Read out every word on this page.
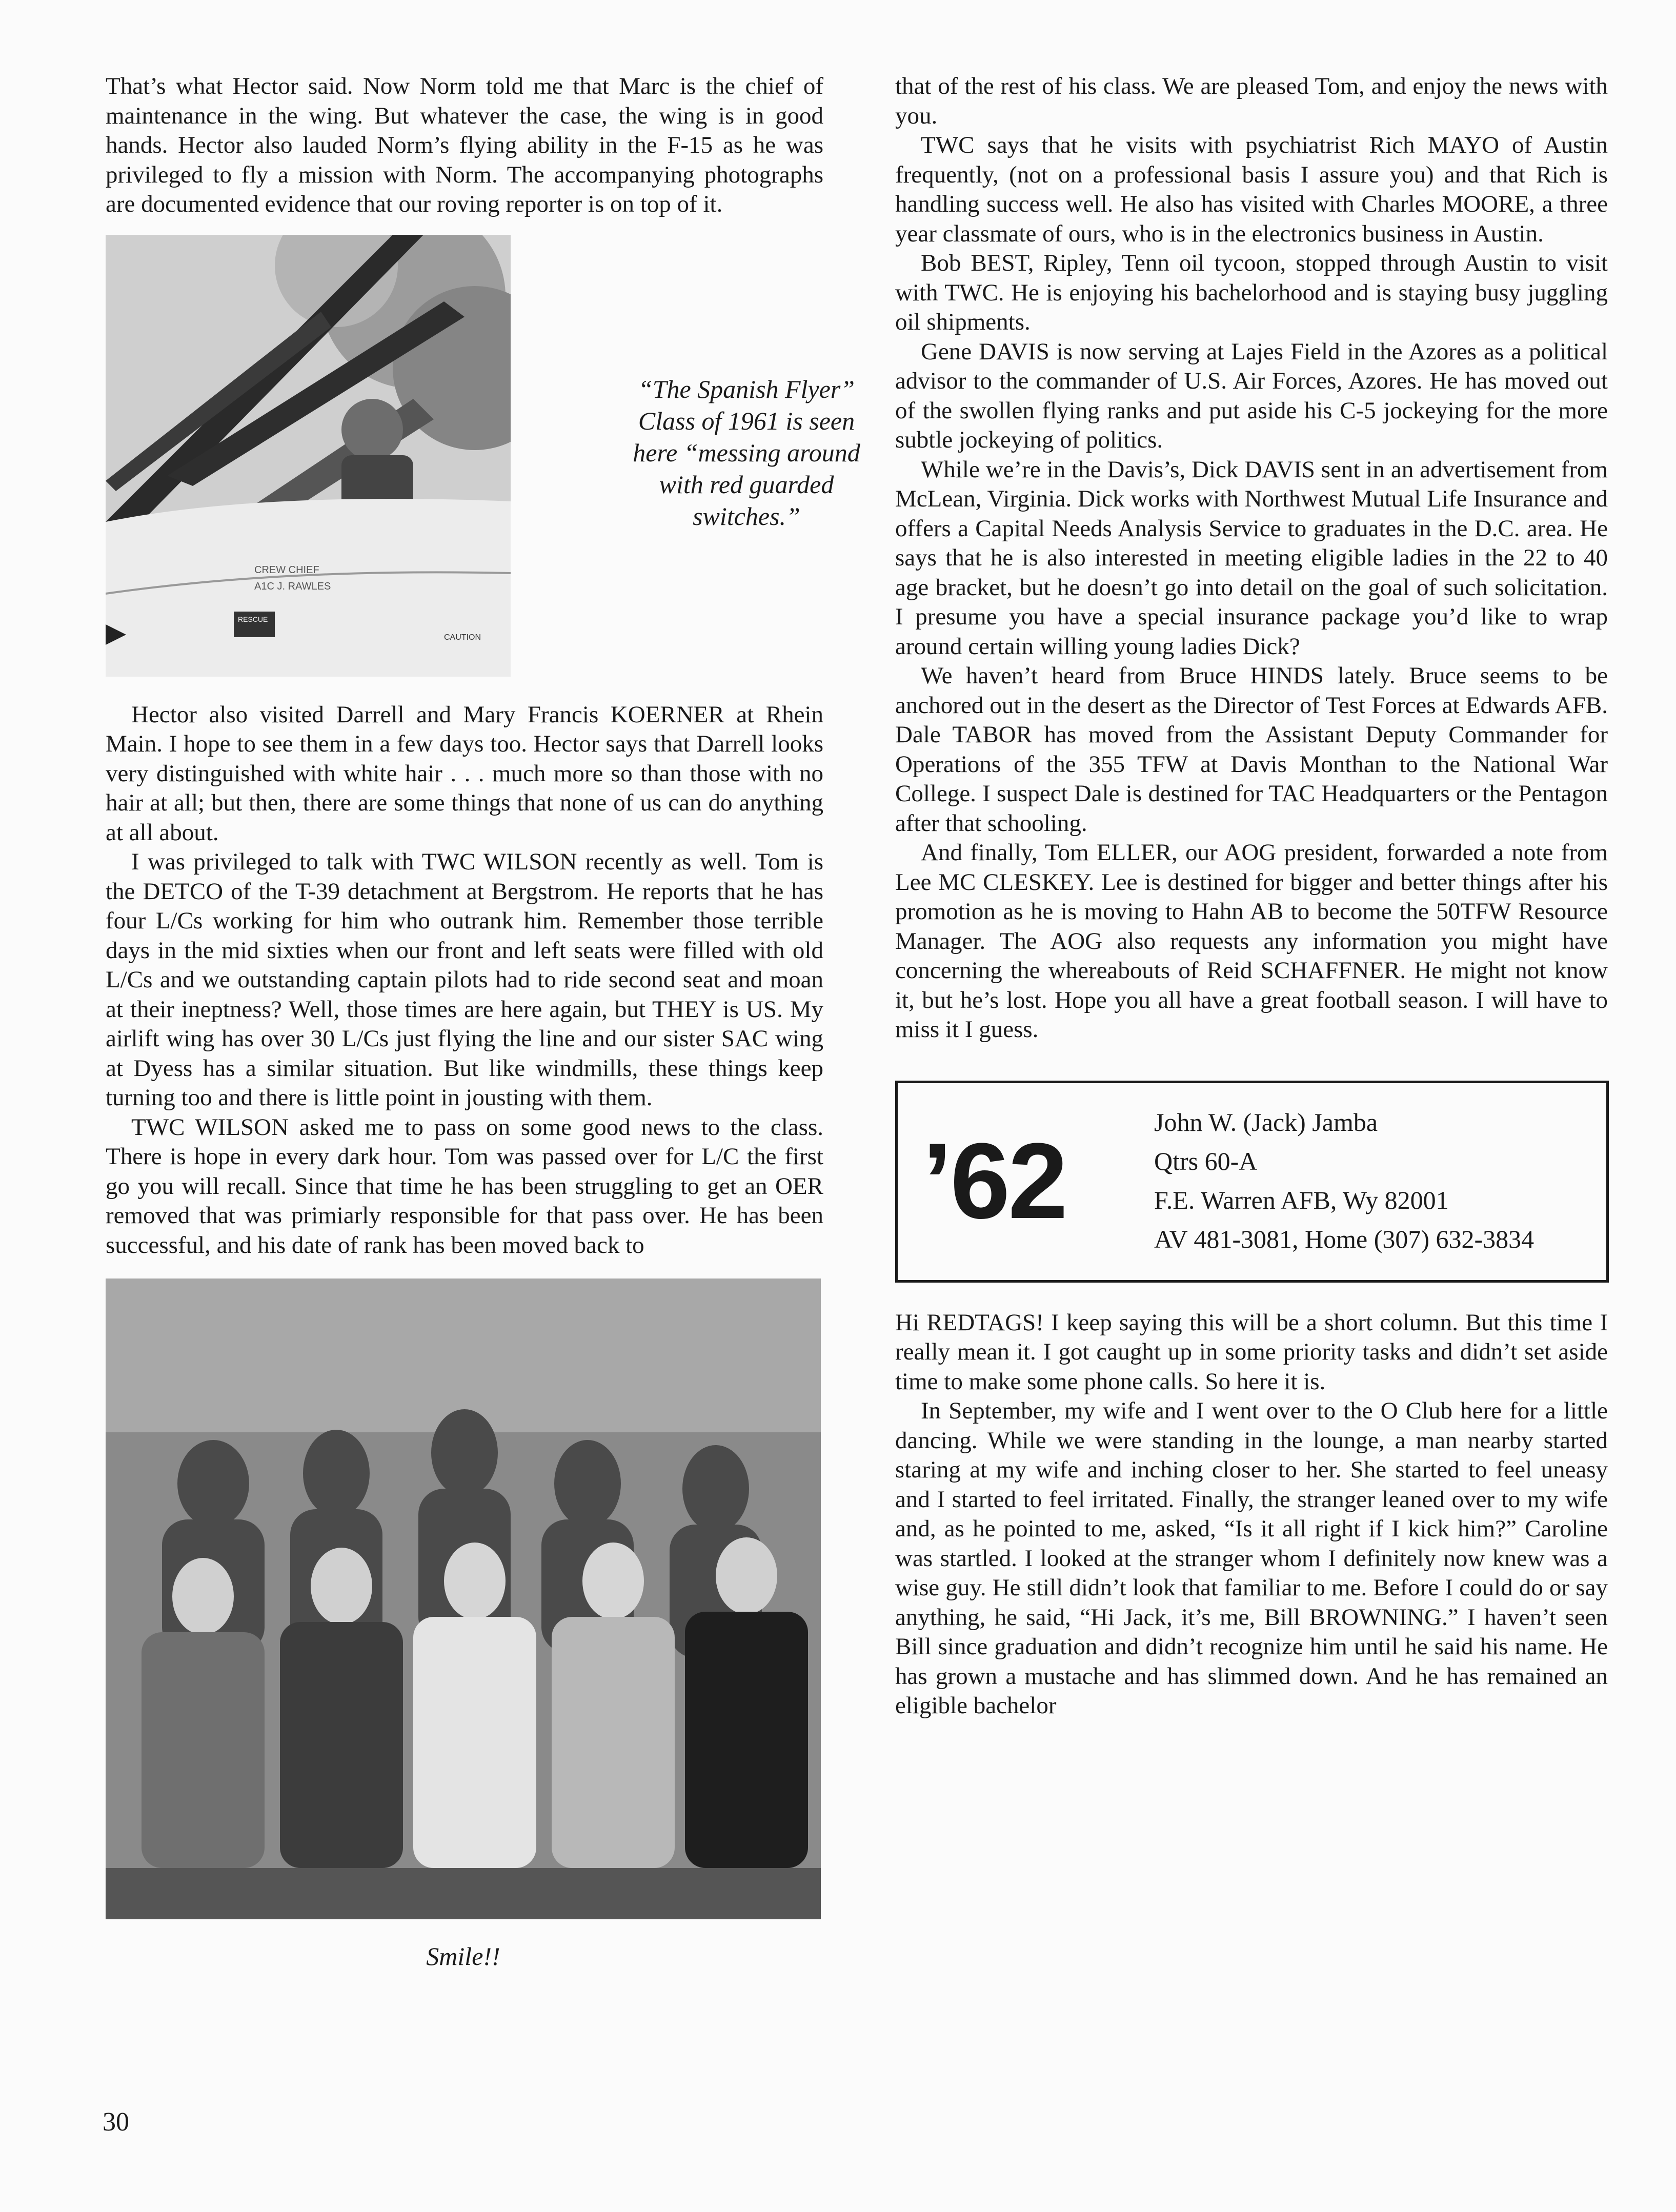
That’s what Hector said. Now Norm told me that Marc is the chief of maintenance in the wing. But whatever the case, the wing is in good hands. Hector also lauded Norm’s flying ability in the F-15 as he was privileged to fly a mission with Norm. The accompanying photographs are documented evidence that our roving reporter is on top of it.

CREW CHIEF
A1C J. RAWLES
RESCUE
CAUTION
“The Spanish Flyer” Class of 1961 is seen here “messing around with red guarded switches.”

Hector also visited Darrell and Mary Francis KOERNER at Rhein Main. I hope to see them in a few days too. Hector says that Darrell looks very distinguished with white hair . . . much more so than those with no hair at all; but then, there are some things that none of us can do anything at all about.

I was privileged to talk with TWC WILSON recently as well. Tom is the DETCO of the T-39 detachment at Bergstrom. He reports that he has four L/Cs working for him who outrank him. Remember those terrible days in the mid sixties when our front and left seats were filled with old L/Cs and we outstanding captain pilots had to ride second seat and moan at their ineptness? Well, those times are here again, but THEY is US. My airlift wing has over 30 L/Cs just flying the line and our sister SAC wing at Dyess has a similar situation. But like windmills, these things keep turning too and there is little point in jousting with them.

TWC WILSON asked me to pass on some good news to the class. There is hope in every dark hour. Tom was passed over for L/C the first go you will recall. Since that time he has been struggling to get an OER removed that was primiarly responsible for that pass over. He has been successful, and his date of rank has been moved back to

Smile!!

that of the rest of his class. We are pleased Tom, and enjoy the news with you.

TWC says that he visits with psychiatrist Rich MAYO of Austin frequently, (not on a professional basis I assure you) and that Rich is handling success well. He also has visited with Charles MOORE, a three year classmate of ours, who is in the electronics business in Austin.

Bob BEST, Ripley, Tenn oil tycoon, stopped through Austin to visit with TWC. He is enjoying his bachelorhood and is staying busy juggling oil shipments.

Gene DAVIS is now serving at Lajes Field in the Azores as a political advisor to the commander of U.S. Air Forces, Azores. He has moved out of the swollen flying ranks and put aside his C-5 jockeying for the more subtle jockeying of politics.

While we’re in the Davis’s, Dick DAVIS sent in an advertisement from McLean, Virginia. Dick works with Northwest Mutual Life Insurance and offers a Capital Needs Analysis Service to graduates in the D.C. area. He says that he is also interested in meeting eligible ladies in the 22 to 40 age bracket, but he doesn’t go into detail on the goal of such solicitation. I presume you have a special insurance package you’d like to wrap around certain willing young ladies Dick?

We haven’t heard from Bruce HINDS lately. Bruce seems to be anchored out in the desert as the Director of Test Forces at Edwards AFB. Dale TABOR has moved from the Assistant Deputy Commander for Operations of the 355 TFW at Davis Monthan to the National War College. I suspect Dale is destined for TAC Headquarters or the Pentagon after that schooling.

And finally, Tom ELLER, our AOG president, forwarded a note from Lee MC CLESKEY. Lee is destined for bigger and better things after his promotion as he is moving to Hahn AB to become the 50TFW Resource Manager. The AOG also requests any information you might have concerning the whereabouts of Reid SCHAFFNER. He might not know it, but he’s lost. Hope you all have a great football season. I will have to miss it I guess.

’62	John W. (Jack) Jamba
Qtrs 60-A
F.E. Warren AFB, Wy 82001
AV 481-3081, Home (307) 632-3834

Hi REDTAGS! I keep saying this will be a short column. But this time I really mean it. I got caught up in some priority tasks and didn’t set aside time to make some phone calls. So here it is.

In September, my wife and I went over to the O Club here for a little dancing. While we were standing in the lounge, a man nearby started staring at my wife and inching closer to her. She started to feel uneasy and I started to feel irritated. Finally, the stranger leaned over to my wife and, as he pointed to me, asked, “Is it all right if I kick him?” Caroline was startled. I looked at the stranger whom I definitely now knew was a wise guy. He still didn’t look that familiar to me. Before I could do or say anything, he said, “Hi Jack, it’s me, Bill BROWNING.” I haven’t seen Bill since graduation and didn’t recognize him until he said his name. He has grown a mustache and has slimmed down. And he has remained an eligible bachelor

30
